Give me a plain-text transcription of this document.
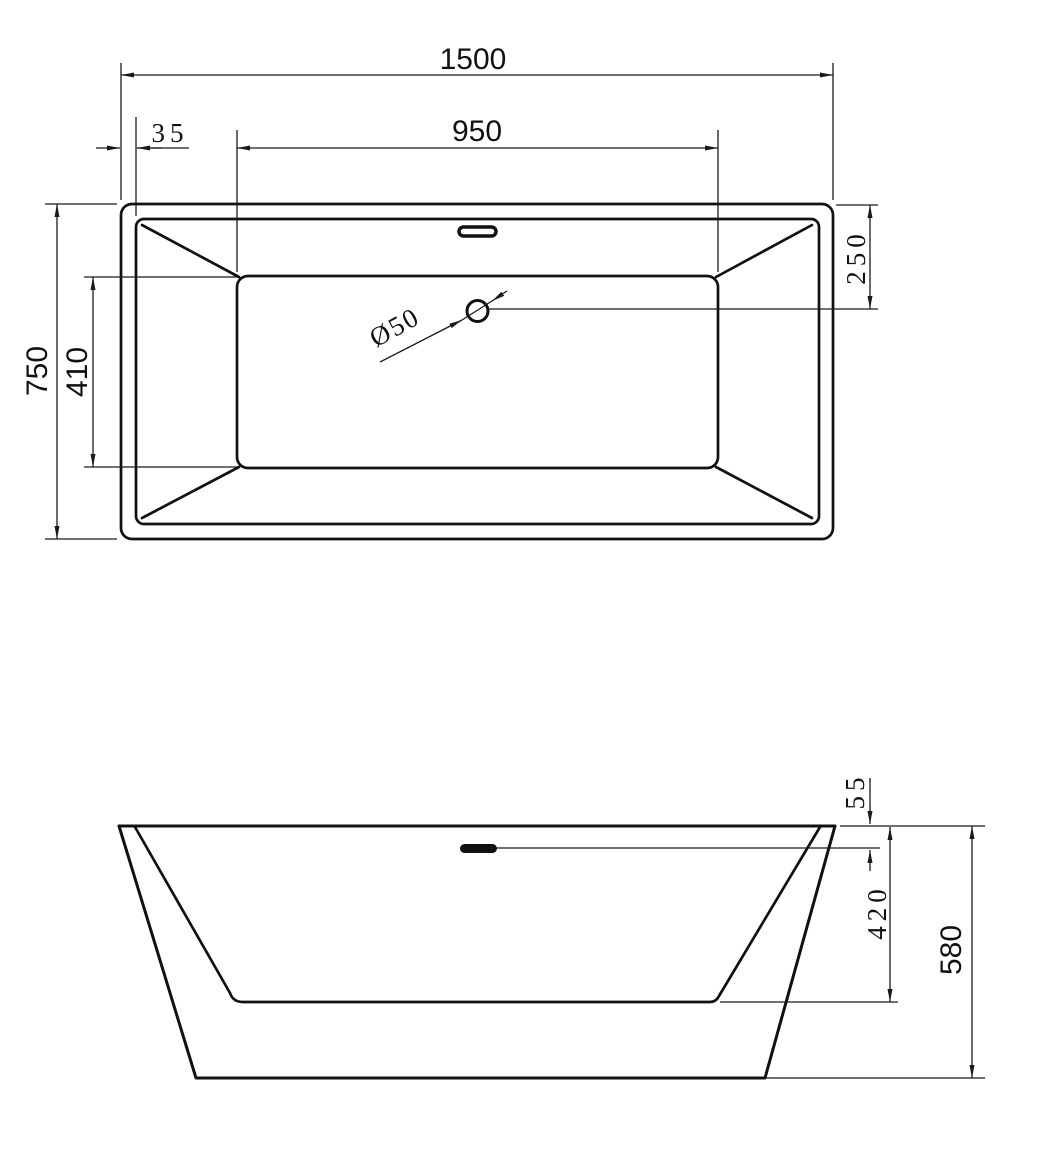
1500
950
35
750 410
250
Ø50
55
420
580
